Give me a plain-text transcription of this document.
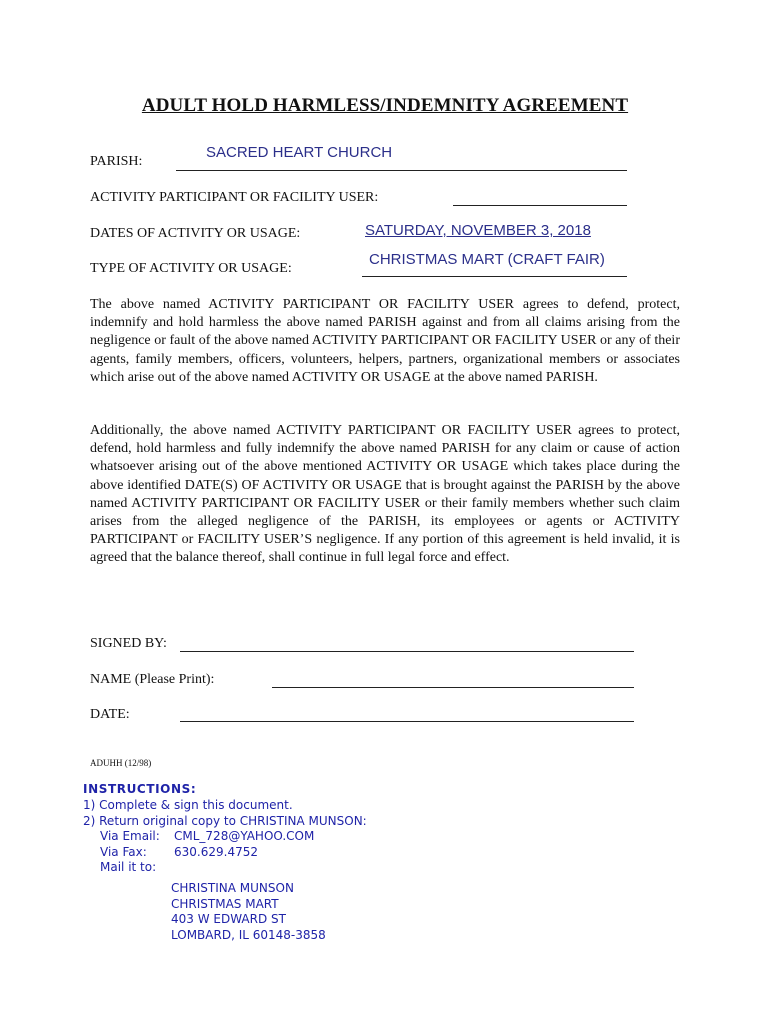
ADULT HOLD HARMLESS/INDEMNITY AGREEMENT
PARISH:
SACRED HEART CHURCH
ACTIVITY PARTICIPANT OR FACILITY USER:
DATES OF ACTIVITY OR USAGE:	SATURDAY, NOVEMBER 3, 2018
TYPE OF ACTIVITY OR USAGE:
CHRISTMAS MART (CRAFT FAIR)
The above named ACTIVITY PARTICIPANT OR FACILITY USER agrees to defend, protect, indemnify and hold harmless the above named PARISH against and from all claims arising from the negligence or fault of the above named ACTIVITY PARTICIPANT OR FACILITY USER or any of their agents, family members, officers, volunteers, helpers, partners, organizational members or associates which arise out of the above named ACTIVITY OR USAGE at the above named PARISH.
Additionally, the above named ACTIVITY PARTICIPANT OR FACILITY USER agrees to protect, defend, hold harmless and fully indemnify the above named PARISH for any claim or cause of action whatsoever arising out of the above mentioned ACTIVITY OR USAGE which takes place during the above identified DATE(S) OF ACTIVITY OR USAGE that is brought against the PARISH by the above named ACTIVITY PARTICIPANT OR FACILITY USER or their family members whether such claim arises from the alleged negligence of the PARISH, its employees or agents or ACTIVITY PARTICIPANT or FACILITY USER’S negligence. If any portion of this agreement is held invalid, it is agreed that the balance thereof, shall continue in full legal force and effect.
SIGNED BY:
NAME (Please Print):
DATE:
ADUHH (12/98)
INSTRUCTIONS:
1) Complete & sign this document.
2) Return original copy to CHRISTINA MUNSON:
Via Email: CML_728@YAHOO.COM
Via Fax: 630.629.4752
Mail it to:
CHRISTINA MUNSON
CHRISTMAS MART
403 W EDWARD ST
LOMBARD, IL 60148-3858
